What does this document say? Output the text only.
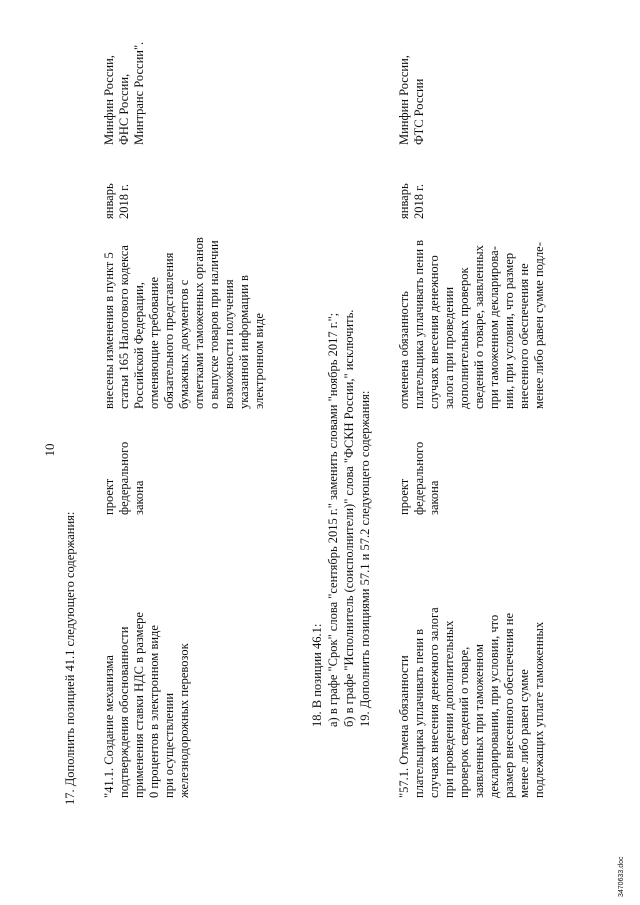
10
17. Дополнить позицией 41.1 следующего содержания: "41.1. Создание механизма подтверждения обоснованности применения ставки НДС в размере 0 процентов в электронном виде при осуществлении железнодорожных перевозок
проект федерального закона
внесены изменения в пункт 5 статьи 165 Налогового кодекса Российской Федерации, отменяющие требование обязательного представления бумажных документов с отметками таможенных органов о выпуске товаров при наличии возможности получения указанной информации в электронном виде
январь 2018 г.
Минфин России, ФНС России, Минтранс России".
18. В позиции 46.1: а) в графе "Срок" слова "сентябрь 2015 г." заменить словами "ноябрь 2017 г."; б) в графе "Исполнитель (соисполнители)" слова "ФСКН России," исключить. 19. Дополнить позициями 57.1 и 57.2 следующего содержания: "57.1. Отмена обязанности плательщика уплачивать пени в случаях внесения денежного залога при проведении дополнительных проверок сведений о товаре, заявленных при таможенном декларировании, при условии, что размер внесенного обеспечения не менее либо равен сумме подлежащих уплате таможенных
проект федерального закона
отменена обязанность плательщика уплачивать пени в случаях внесения денежного залога при проведении дополнительных проверок сведений о товаре, заявленных при таможенном декларирова- нии, при условии, что размер внесенного обеспечения не менее либо равен сумме подле-
январь 2018 г.
Минфин России, ФТС России
3470633.doc
